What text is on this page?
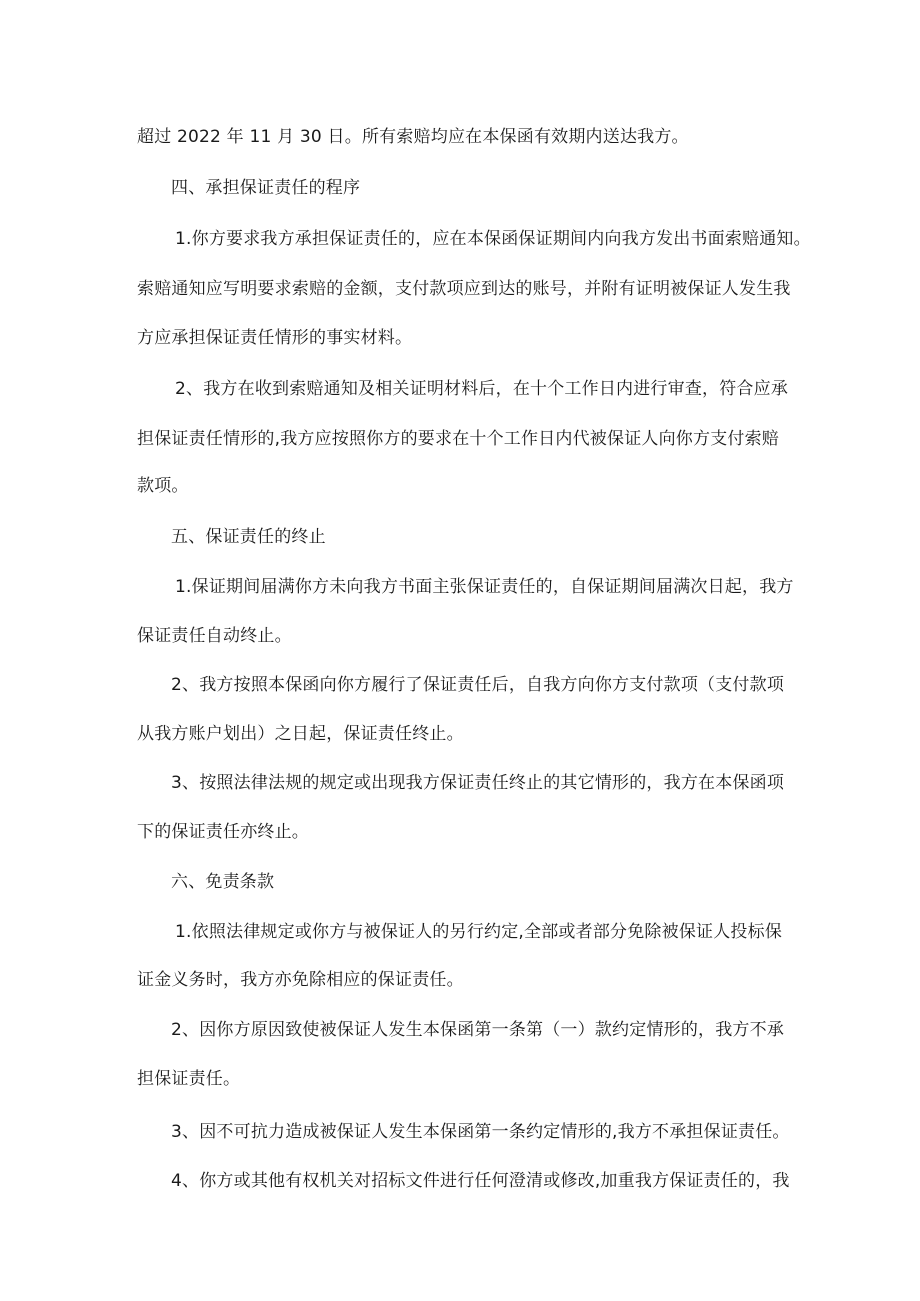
超过 2022 年 11 月 30 日。所有索赔均应在本保函有效期内送达我方。
四、承担保证责任的程序
1.你方要求我方承担保证责任的，应在本保函保证期间内向我方发出书面索赔通知。
索赔通知应写明要求索赔的金额，支付款项应到达的账号，并附有证明被保证人发生我
方应承担保证责任情形的事实材料。
2、我方在收到索赔通知及相关证明材料后，在十个工作日内进行审查，符合应承
担保证责任情形的,我方应按照你方的要求在十个工作日内代被保证人向你方支付索赔
款项。
五、保证责任的终止
1.保证期间届满你方未向我方书面主张保证责任的，自保证期间届满次日起，我方
保证责任自动终止。
2、我方按照本保函向你方履行了保证责任后，自我方向你方支付款项（支付款项
从我方账户划出）之日起，保证责任终止。
3、按照法律法规的规定或出现我方保证责任终止的其它情形的，我方在本保函项
下的保证责任亦终止。
六、免责条款
1.依照法律规定或你方与被保证人的另行约定,全部或者部分免除被保证人投标保
证金义务时，我方亦免除相应的保证责任。
2、因你方原因致使被保证人发生本保函第一条第（一）款约定情形的，我方不承
担保证责任。
3、因不可抗力造成被保证人发生本保函第一条约定情形的,我方不承担保证责任。
4、你方或其他有权机关对招标文件进行任何澄清或修改,加重我方保证责任的，我
